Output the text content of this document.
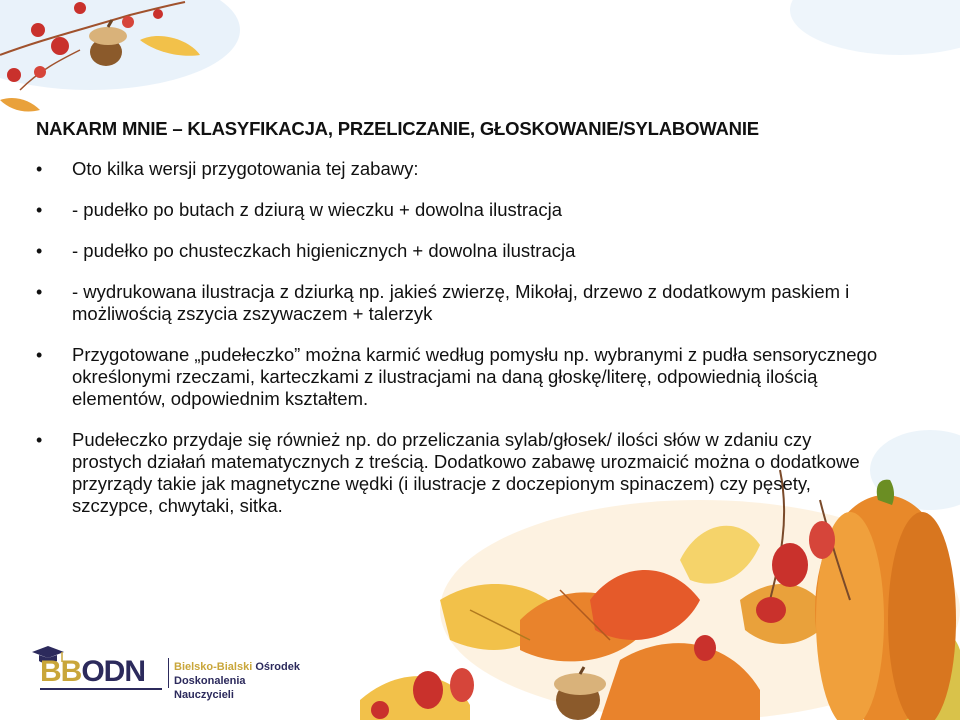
NAKARM MNIE – KLASYFIKACJA, PRZELICZANIE, GŁOSKOWANIE/SYLABOWANIE
• Oto kilka wersji przygotowania tej zabawy:
• - pudełko po butach z dziurą w wieczku + dowolna ilustracja
• - pudełko po chusteczkach higienicznych + dowolna ilustracja
• - wydrukowana ilustracja z dziurką np. jakieś zwierzę, Mikołaj, drzewo z dodatkowym paskiem i możliwością zszycia zszywaczem + talerzyk
• Przygotowane „pudełeczko” można karmić według pomysłu np. wybranymi z pudła sensorycznego określonymi rzeczami, karteczkami z ilustracjami na daną głoskę/literę, odpowiednią ilością elementów, odpowiednim kształtem.
• Pudełeczko przydaje się również np. do przeliczania sylab/głosek/ ilości słów w zdaniu czy prostych działań matematycznych z treścią. Dodatkowo zabawę urozmaicić można o dodatkowe przyrządy takie jak magnetyczne wędki (i ilustracje z doczepionym spinaczem) czy pęsety, szczypce, chwytaki, sitka.
BBODN	Bielsko-Bialski Ośrodek
Doskonalenia Nauczycieli
